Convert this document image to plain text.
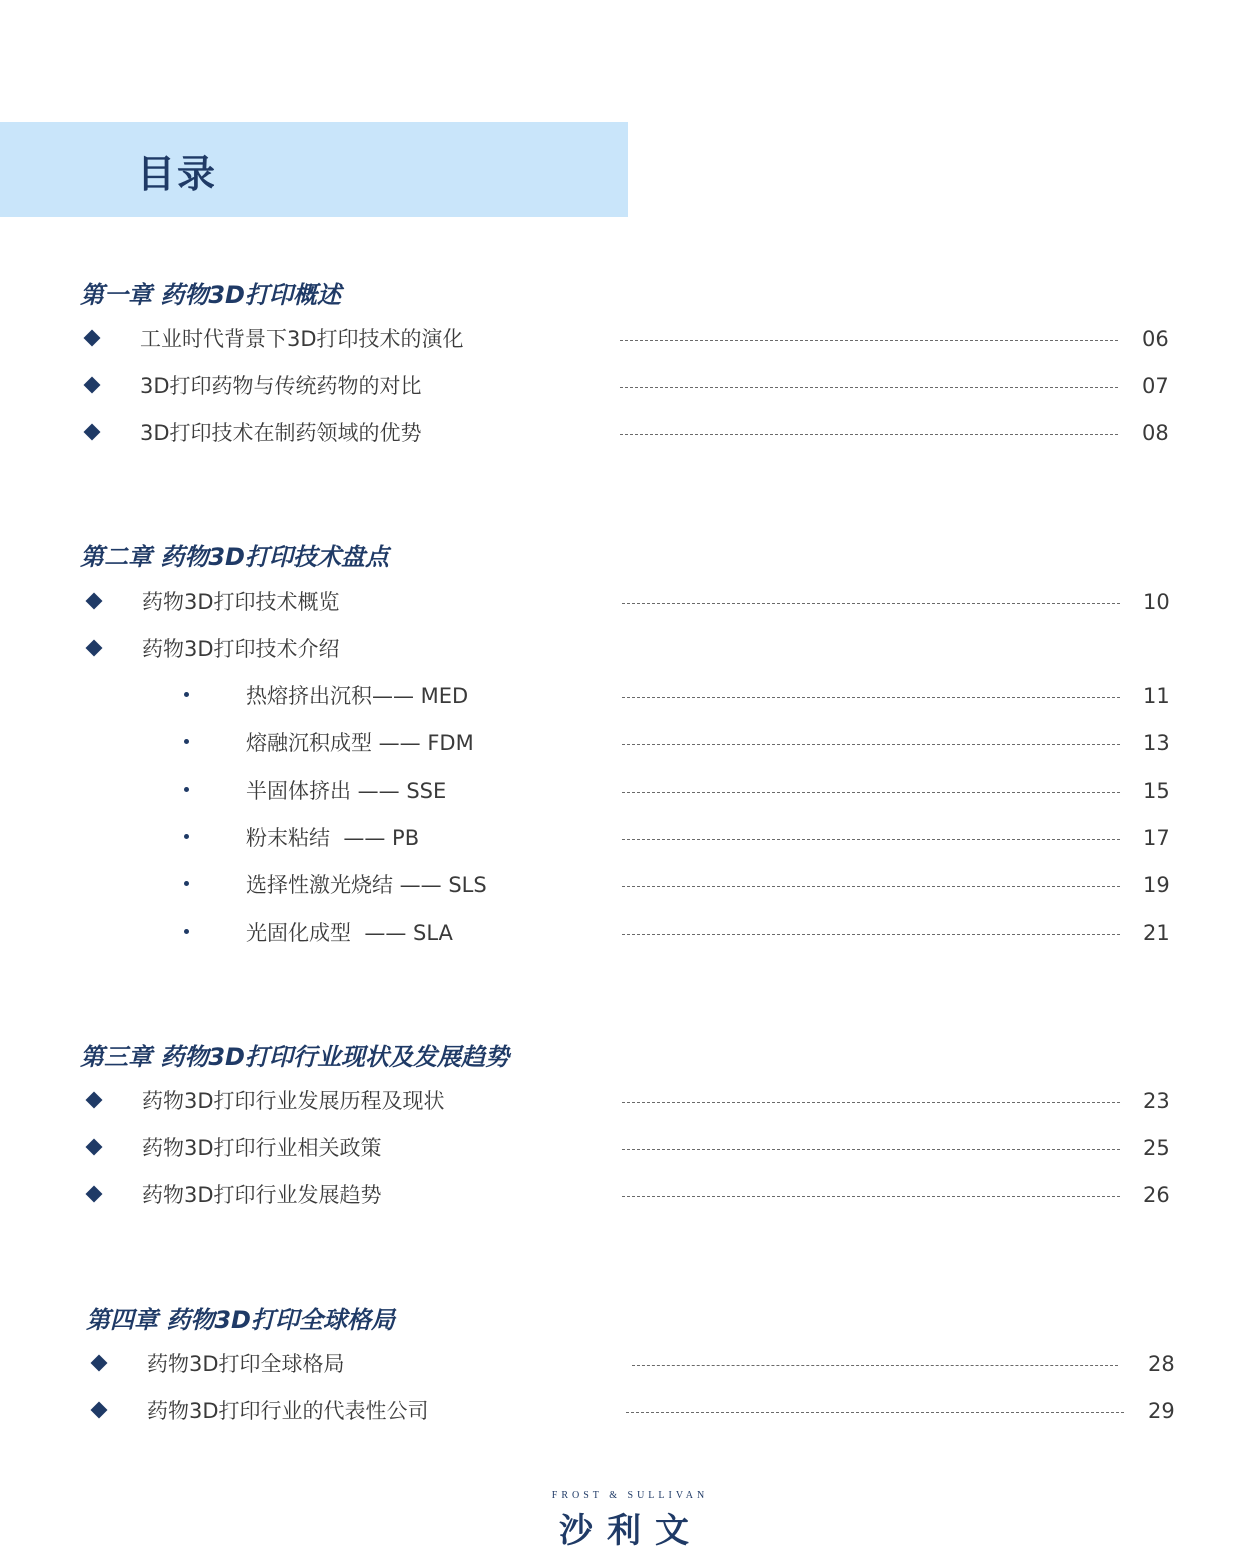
目录
第一章 药物3D打印概述
工业时代背景下3D打印技术的演化	06
3D打印药物与传统药物的对比	07
3D打印技术在制药领域的优势	08
第二章 药物3D打印技术盘点
药物3D打印技术概览	10
药物3D打印技术介绍
热熔挤出沉积—— MED	11
熔融沉积成型 —— FDM	13
半固体挤出 —— SSE	15
粉末粘结  —— PB	17
选择性激光烧结 —— SLS	19
光固化成型  —— SLA	21
第三章 药物3D打印行业现状及发展趋势
药物3D打印行业发展历程及现状	23
药物3D打印行业相关政策	25
药物3D打印行业发展趋势	26
第四章 药物3D打印全球格局
药物3D打印全球格局	28
药物3D打印行业的代表性公司	29
FROST & SULLIVAN
沙利文
